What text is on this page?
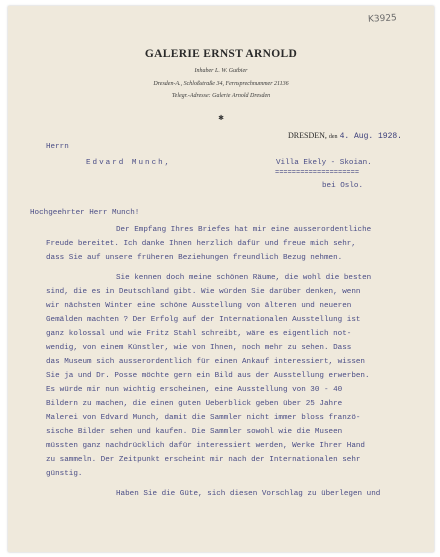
K3925
GALERIE ERNST ARNOLD
Inhaber L. W. Gutbier
Dresden-A., Schloßstraße 34, Fernsprechnummer 21136
Telegr.-Adresse: Galerie Arnold Dresden
✱
DRESDEN, den 4. Aug. 1928.
Herrn
Edvard Munch,	Villa Ekely - Skoian.
====================
bei Oslo.
Hochgeehrter Herr Munch!
Der Empfang Ihres Briefes hat mir eine ausserordentliche
Freude bereitet. Ich danke Ihnen herzlich dafür und freue mich sehr,
dass Sie auf unsere früheren Beziehungen freundlich Bezug nehmen.
Sie kennen doch meine schönen Räume, die wohl die besten
sind, die es in Deutschland gibt. Wie würden Sie darüber denken, wenn
wir nächsten Winter eine schöne Ausstellung von älteren und neueren
Gemälden machten ? Der Erfolg auf der Internationalen Ausstellung ist
ganz kolossal und wie Fritz Stahl schreibt, wäre es eigentlich not-
wendig, von einem Künstler, wie von Ihnen, noch mehr zu sehen. Dass
das Museum sich ausserordentlich für einen Ankauf interessiert, wissen
Sie ja und Dr. Posse möchte gern ein Bild aus der Ausstellung erwerben.
Es würde mir nun wichtig erscheinen, eine Ausstellung von 30 - 40
Bildern zu machen, die einen guten Ueberblick geben über 25 Jahre
Malerei von Edvard Munch, damit die Sammler nicht immer bloss franzö-
sische Bilder sehen und kaufen. Die Sammler sowohl wie die Museen
müssten ganz nachdrücklich dafür interessiert werden, Werke Ihrer Hand
zu sammeln. Der Zeitpunkt erscheint mir nach der Internationalen sehr
günstig.
Haben Sie die Güte, sich diesen Vorschlag zu überlegen und
